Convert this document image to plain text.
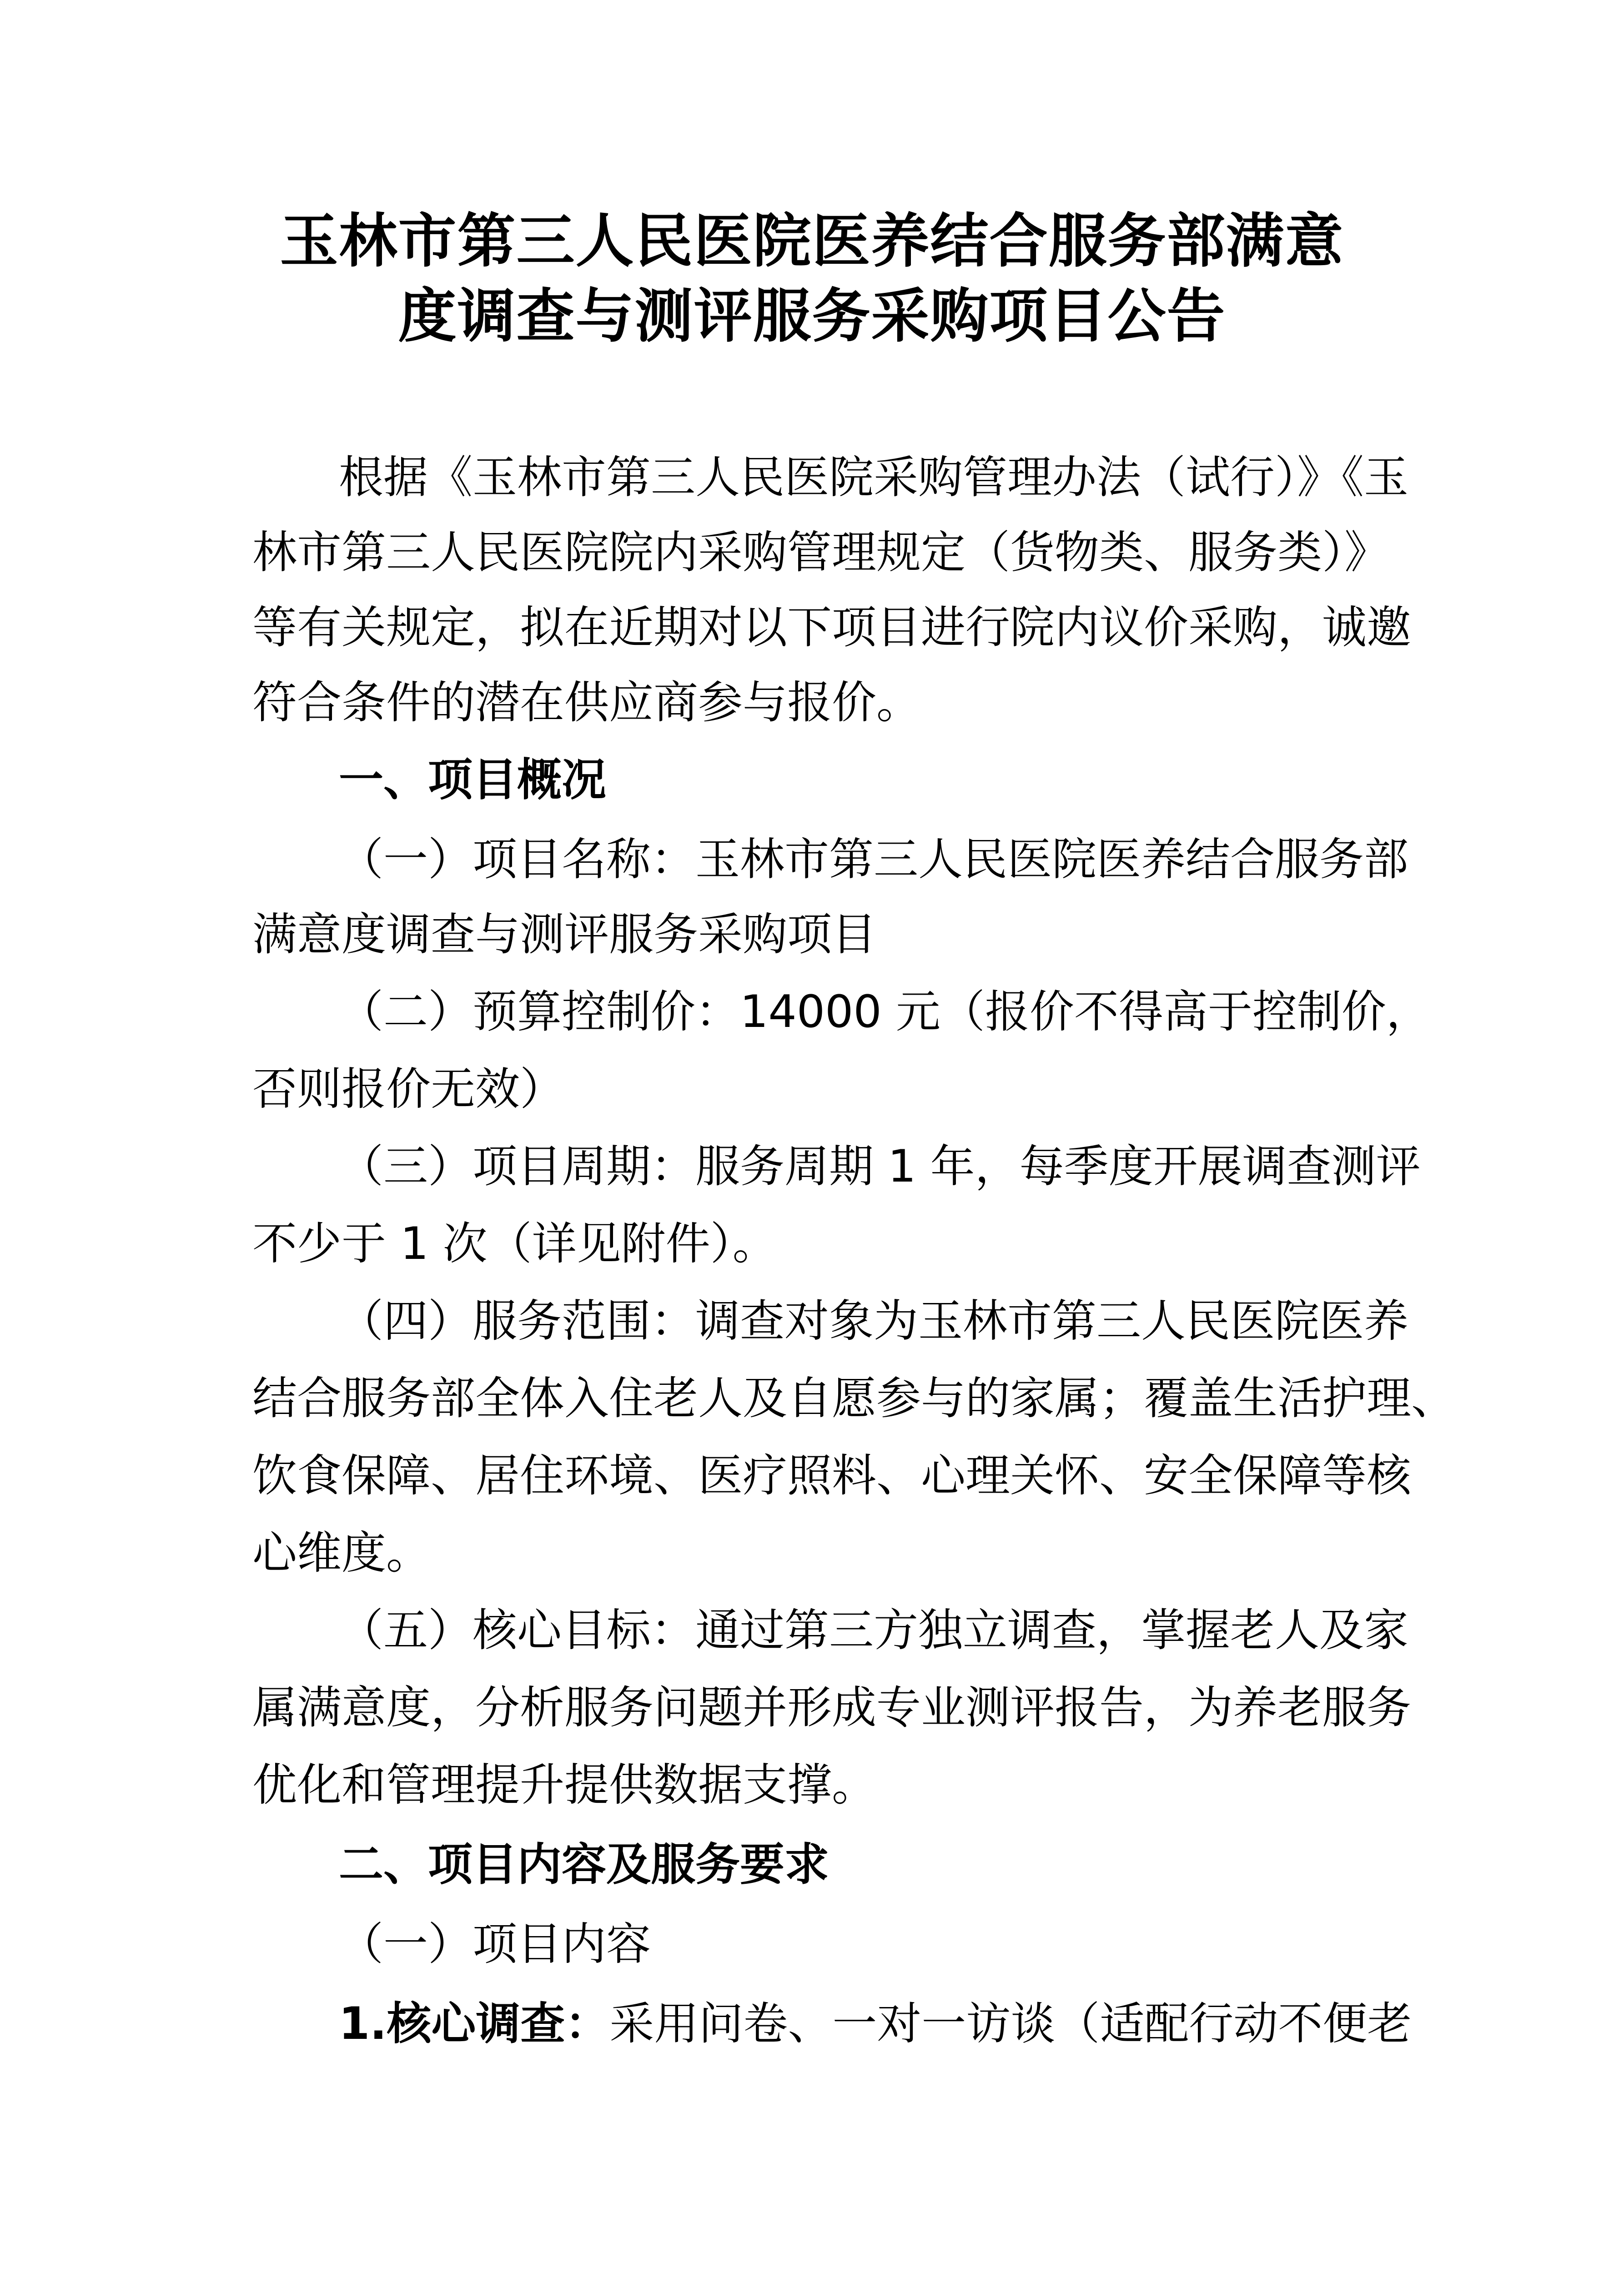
玉林市第三人民医院医养结合服务部满意
度调查与测评服务采购项目公告

根据《玉林市第三人民医院采购管理办法（试行）》《玉

林市第三人民医院院内采购管理规定（货物类、服务类）》

等有关规定，拟在近期对以下项目进行院内议价采购，诚邀

符合条件的潜在供应商参与报价。

一、项目概况

（一）项目名称：玉林市第三人民医院医养结合服务部

满意度调查与测评服务采购项目

（二）预算控制价：14000 元（报价不得高于控制价，

否则报价无效）

（三）项目周期：服务周期 1 年，每季度开展调查测评

不少于 1 次（详见附件）。

（四）服务范围：调查对象为玉林市第三人民医院医养

结合服务部全体入住老人及自愿参与的家属；覆盖生活护理、

饮食保障、居住环境、医疗照料、心理关怀、安全保障等核

心维度。

（五）核心目标：通过第三方独立调查，掌握老人及家

属满意度，分析服务问题并形成专业测评报告，为养老服务

优化和管理提升提供数据支撑。

二、项目内容及服务要求

（一）项目内容

1.核心调查：采用问卷、一对一访谈（适配行动不便老
